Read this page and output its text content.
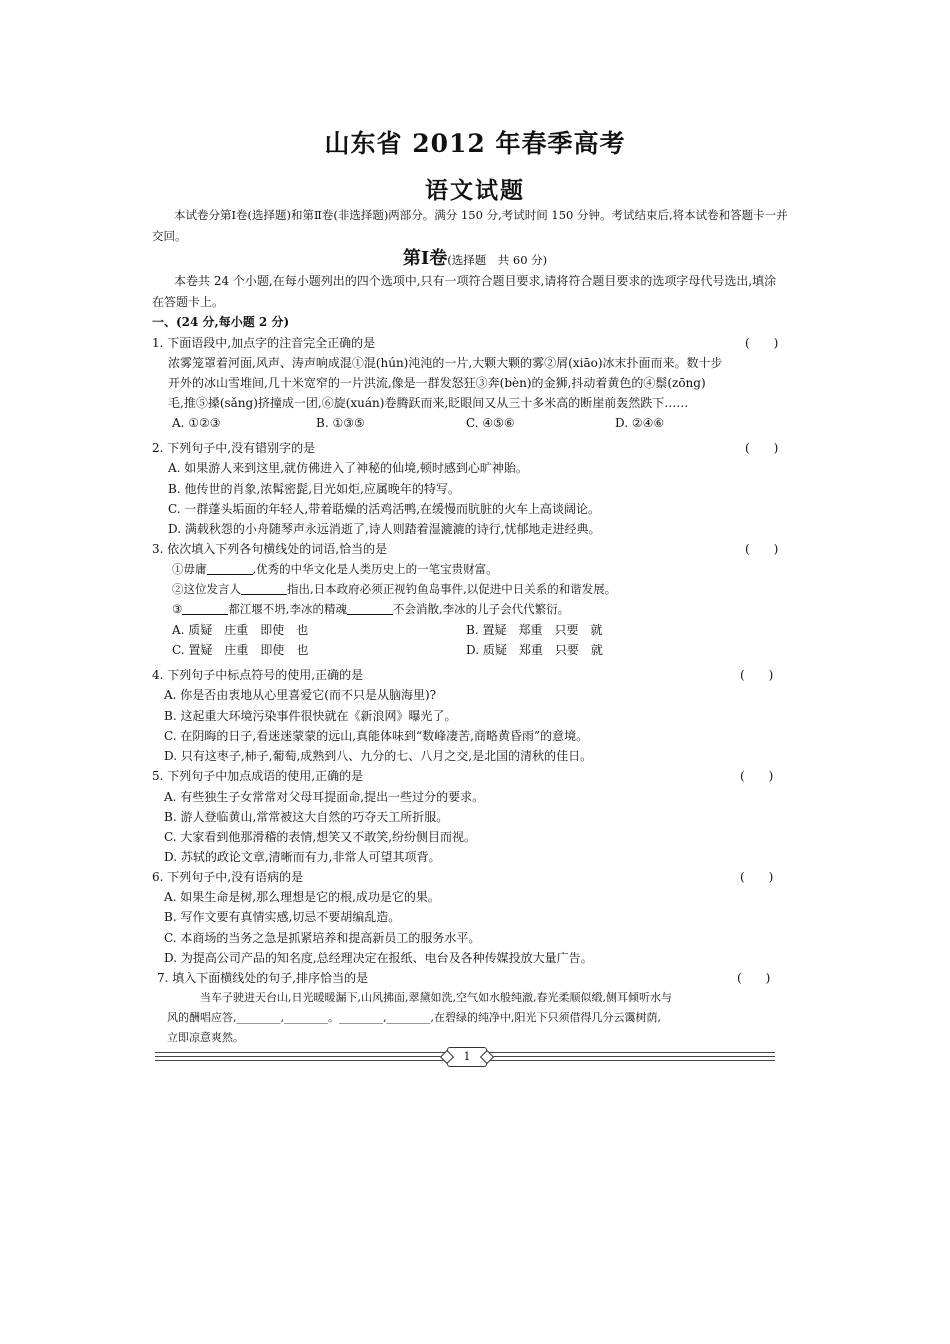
山东省 2012 年春季高考
语文试题
本试卷分第Ⅰ卷(选择题)和第Ⅱ卷(非选择题)两部分。满分 150 分,考试时间 150 分钟。考试结束后,将本试卷和答题卡一并交回。
第Ⅰ卷(选择题　共 60 分)
本卷共 24 个小题,在每小题列出的四个选项中,只有一项符合题目要求,请将符合题目要求的选项字母代号选出,填涂在答题卡上。
一、(24 分,每小题 2 分)
1. 下面语段中,加点字的注音完全正确的是	(　　)
浓雾笼罩着河面,风声、涛声响成混①混(hún)沌沌的一片,大颗大颗的雾②屑(xiāo)冰末扑面而来。数十步
开外的冰山雪堆间,几十米宽窄的一片洪流,像是一群发怒狂③奔(bèn)的金狮,抖动着黄色的④鬃(zōng)
毛,推⑤搡(sǎng)挤撞成一团,⑥旋(xuán)卷腾跃而来,眨眼间又从三十多米高的断崖前轰然跌下……
A. ①②③	B. ①③⑤	C. ④⑤⑥	D. ②④⑥
2. 下列句子中,没有错别字的是	(　　)
A. 如果游人来到这里,就仿佛进入了神秘的仙境,顿时感到心旷神貽。
B. 他传世的肖象,浓髯密髭,目光如炬,应属晚年的特写。
C. 一群蓬头垢面的年轻人,带着聒燥的活鸡活鸭,在缓慢而肮脏的火车上高谈阔论。
D. 满载秋怨的小舟随琴声永远消逝了,诗人则踏着湿漉漉的诗行,忧郁地走进经典。
3. 依次填入下列各句横线处的词语,恰当的是	(　　)
①毋庸	,优秀的中华文化是人类历史上的一笔宝贵财富。
②这位发言人	指出,日本政府必须正视钓鱼岛事件,以促进中日关系的和谐发展。
③	都江堰不坍,李冰的精魂	不会消散,李冰的儿子会代代繁衍。
A. 质疑　庄重　即使　也	B. 置疑　郑重　只要　就
C. 置疑　庄重　即使　也	D. 质疑　郑重　只要　就
4. 下列句子中标点符号的使用,正确的是	(　　)
A. 你是否由衷地从心里喜爱它(而不只是从脑海里)?
B. 这起重大环境污染事件很快就在《新浪网》曝光了。
C. 在阴晦的日子,看迷迷蒙蒙的远山,真能体味到“数峰凄苦,商略黄昏雨”的意境。
D. 只有这枣子,柿子,葡萄,成熟到八、九分的七、八月之交,是北国的清秋的佳日。
5. 下列句子中加点成语的使用,正确的是	(　　)
A. 有些独生子女常常对父母耳提面命,提出一些过分的要求。
B. 游人登临黄山,常常被这大自然的巧夺天工所折服。
C. 大家看到他那滑稽的表情,想笑又不敢笑,纷纷侧目而视。
D. 苏轼的政论文章,清晰而有力,非常人可望其项背。
6. 下列句子中,没有语病的是	(　　)
A. 如果生命是树,那么理想是它的根,成功是它的果。
B. 写作文要有真情实感,切忌不要胡编乱造。
C. 本商场的当务之急是抓紧培养和提高新员工的服务水平。
D. 为提高公司产品的知名度,总经理决定在报纸、电台及各种传媒投放大量广告。
7. 填入下面横线处的句子,排序恰当的是	(　　)
当车子驶进天台山,日光暖暖漏下,山风拂面,翠黛如洗,空气如水般纯澈,春光柔顺似缎,侧耳倾听水与
风的酬唱应答,________,________。________,________,在碧绿的纯净中,阳光下只须借得几分云霭树荫,
立即凉意爽然。
1
